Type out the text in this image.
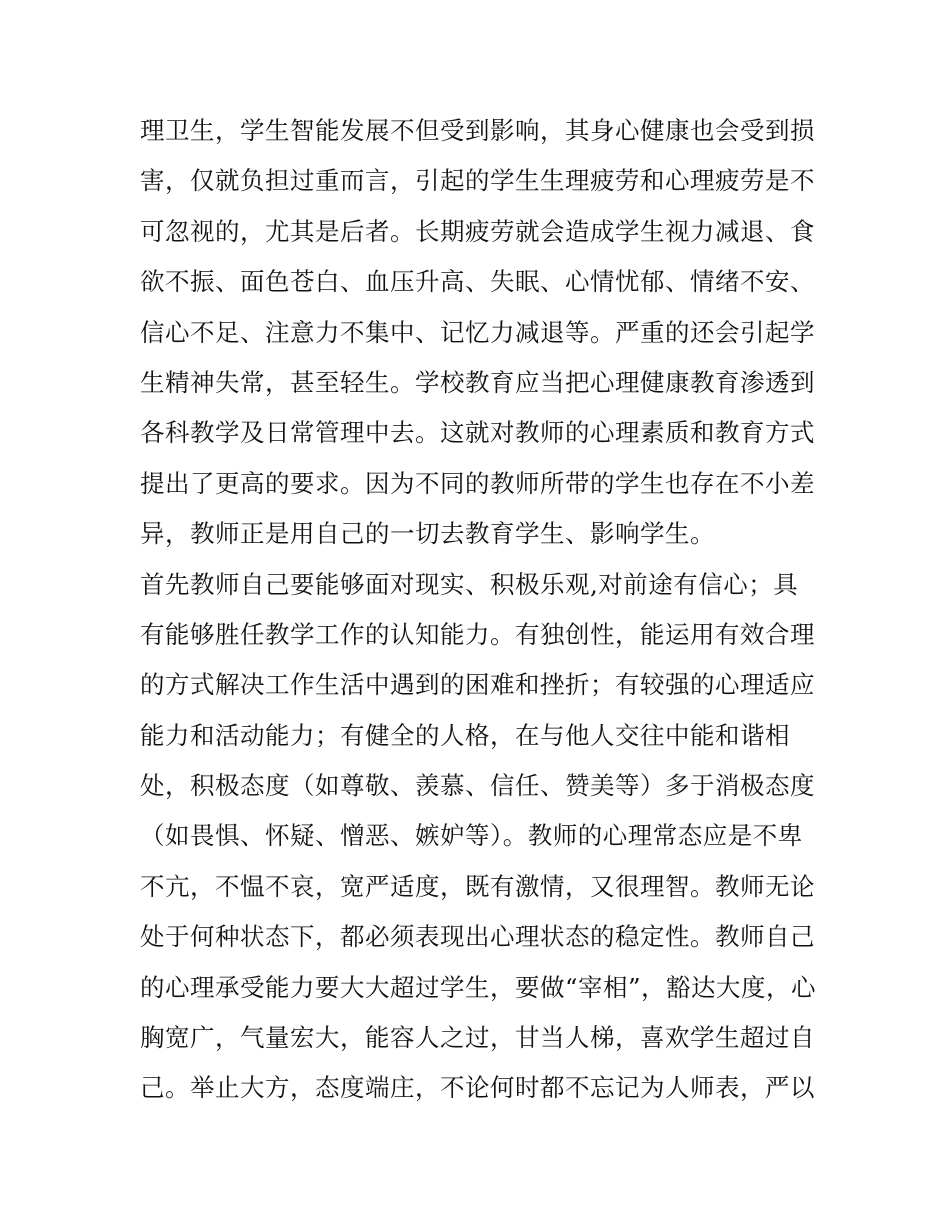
理卫生，学生智能发展不但受到影响，其身心健康也会受到损
害，仅就负担过重而言，引起的学生生理疲劳和心理疲劳是不
可忽视的，尤其是后者。长期疲劳就会造成学生视力减退、食
欲不振、面色苍白、血压升高、失眠、心情忧郁、情绪不安、
信心不足、注意力不集中、记忆力减退等。严重的还会引起学
生精神失常，甚至轻生。学校教育应当把心理健康教育渗透到
各科教学及日常管理中去。这就对教师的心理素质和教育方式
提出了更高的要求。因为不同的教师所带的学生也存在不小差
异，教师正是用自己的一切去教育学生、影响学生。
首先教师自己要能够面对现实、积极乐观,对前途有信心；具
有能够胜任教学工作的认知能力。有独创性，能运用有效合理
的方式解决工作生活中遇到的困难和挫折；有较强的心理适应
能力和活动能力；有健全的人格，在与他人交往中能和谐相
处，积极态度（如尊敬、羡慕、信任、赞美等）多于消极态度
（如畏惧、怀疑、憎恶、嫉妒等）。教师的心理常态应是不卑
不亢，不愠不哀，宽严适度，既有激情，又很理智。教师无论
处于何种状态下，都必须表现出心理状态的稳定性。教师自己
的心理承受能力要大大超过学生，要做“宰相”，豁达大度，心
胸宽广，气量宏大，能容人之过，甘当人梯，喜欢学生超过自
己。举止大方，态度端庄，不论何时都不忘记为人师表，严以
